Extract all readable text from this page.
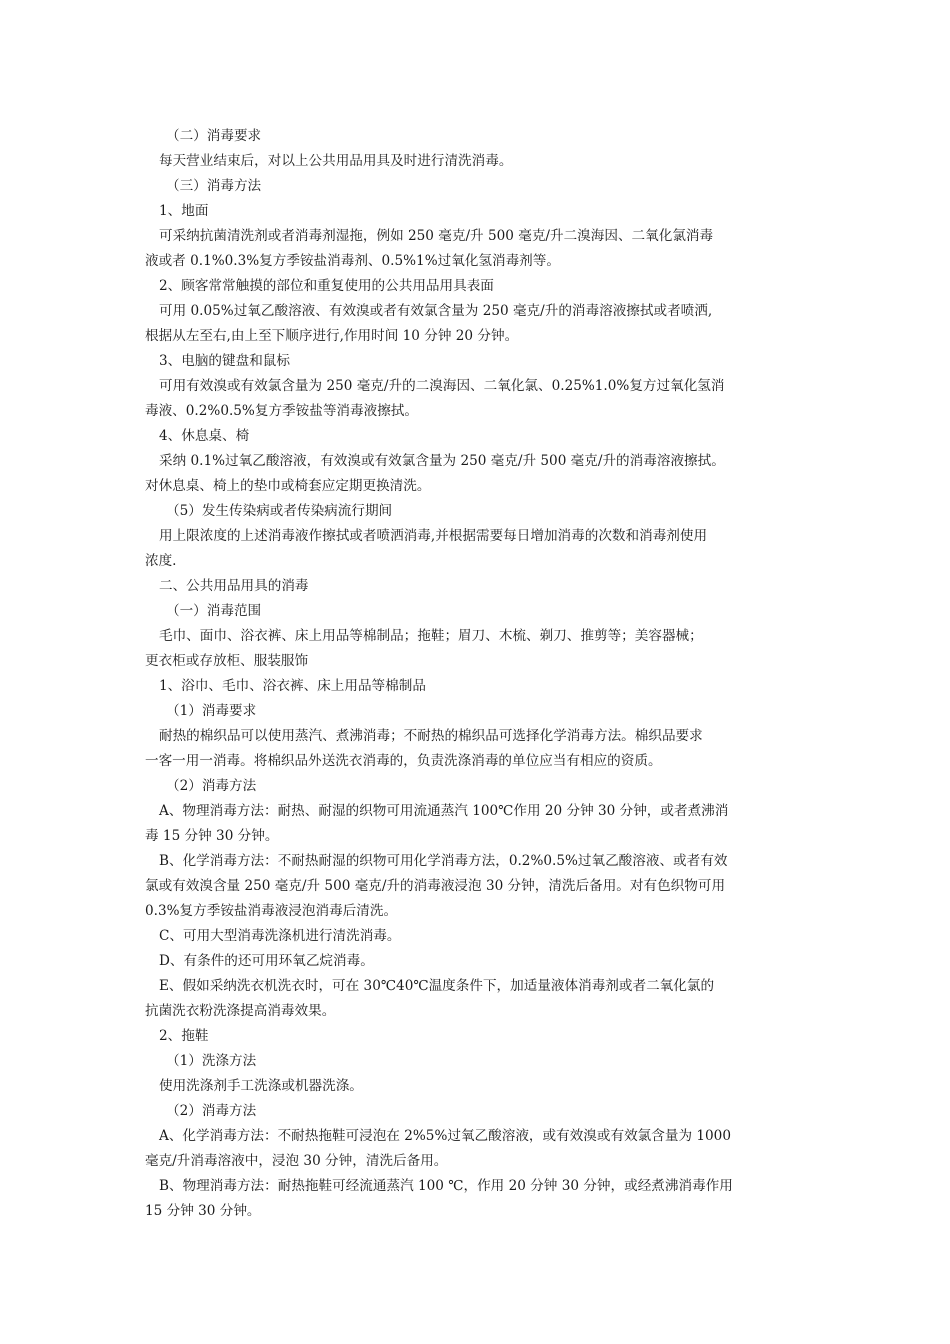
（二）消毒要求
每天营业结束后，对以上公共用品用具及时进行清洗消毒。
（三）消毒方法
1、地面
可采纳抗菌清洗剂或者消毒剂湿拖，例如 250 毫克/升 500 毫克/升二溴海因、二氧化氯消毒
液或者 0.1%0.3%复方季铵盐消毒剂、0.5%1%过氧化氢消毒剂等。
2、顾客常常触摸的部位和重复使用的公共用品用具表面
可用 0.05%过氧乙酸溶液、有效溴或者有效氯含量为 250 毫克/升的消毒溶液擦拭或者喷洒,
根据从左至右,由上至下顺序进行,作用时间 10 分钟 20 分钟。
3、电脑的键盘和鼠标
可用有效溴或有效氯含量为 250 毫克/升的二溴海因、二氧化氯、0.25%1.0%复方过氧化氢消
毒液、0.2%0.5%复方季铵盐等消毒液擦拭。
4、休息桌、椅
采纳 0.1%过氧乙酸溶液，有效溴或有效氯含量为 250 毫克/升 500 毫克/升的消毒溶液擦拭。
对休息桌、椅上的垫巾或椅套应定期更换清洗。
（5）发生传染病或者传染病流行期间
用上限浓度的上述消毒液作擦拭或者喷洒消毒,并根据需要每日增加消毒的次数和消毒剂使用
浓度.
二、公共用品用具的消毒
（一）消毒范围
毛巾、面巾、浴衣裤、床上用品等棉制品；拖鞋；眉刀、木梳、剃刀、推剪等；美容器械；
更衣柜或存放柜、服装服饰
1、浴巾、毛巾、浴衣裤、床上用品等棉制品
（1）消毒要求
耐热的棉织品可以使用蒸汽、煮沸消毒；不耐热的棉织品可选择化学消毒方法。棉织品要求
一客一用一消毒。将棉织品外送洗衣消毒的，负责洗涤消毒的单位应当有相应的资质。
（2）消毒方法
A、物理消毒方法：耐热、耐湿的织物可用流通蒸汽 100℃作用 20 分钟 30 分钟，或者煮沸消
毒 15 分钟 30 分钟。
B、化学消毒方法：不耐热耐湿的织物可用化学消毒方法，0.2%0.5%过氧乙酸溶液、或者有效
氯或有效溴含量 250 毫克/升 500 毫克/升的消毒液浸泡 30 分钟，清洗后备用。对有色织物可用
0.3%复方季铵盐消毒液浸泡消毒后清洗。
C、可用大型消毒洗涤机进行清洗消毒。
D、有条件的还可用环氧乙烷消毒。
E、假如采纳洗衣机洗衣时，可在 30℃40℃温度条件下，加适量液体消毒剂或者二氧化氯的
抗菌洗衣粉洗涤提高消毒效果。
2、拖鞋
（1）洗涤方法
使用洗涤剂手工洗涤或机器洗涤。
（2）消毒方法
A、化学消毒方法：不耐热拖鞋可浸泡在 2%5%过氧乙酸溶液，或有效溴或有效氯含量为 1000
毫克/升消毒溶液中，浸泡 30 分钟，清洗后备用。
B、物理消毒方法：耐热拖鞋可经流通蒸汽 100 ℃，作用 20 分钟 30 分钟，或经煮沸消毒作用
15 分钟 30 分钟。
